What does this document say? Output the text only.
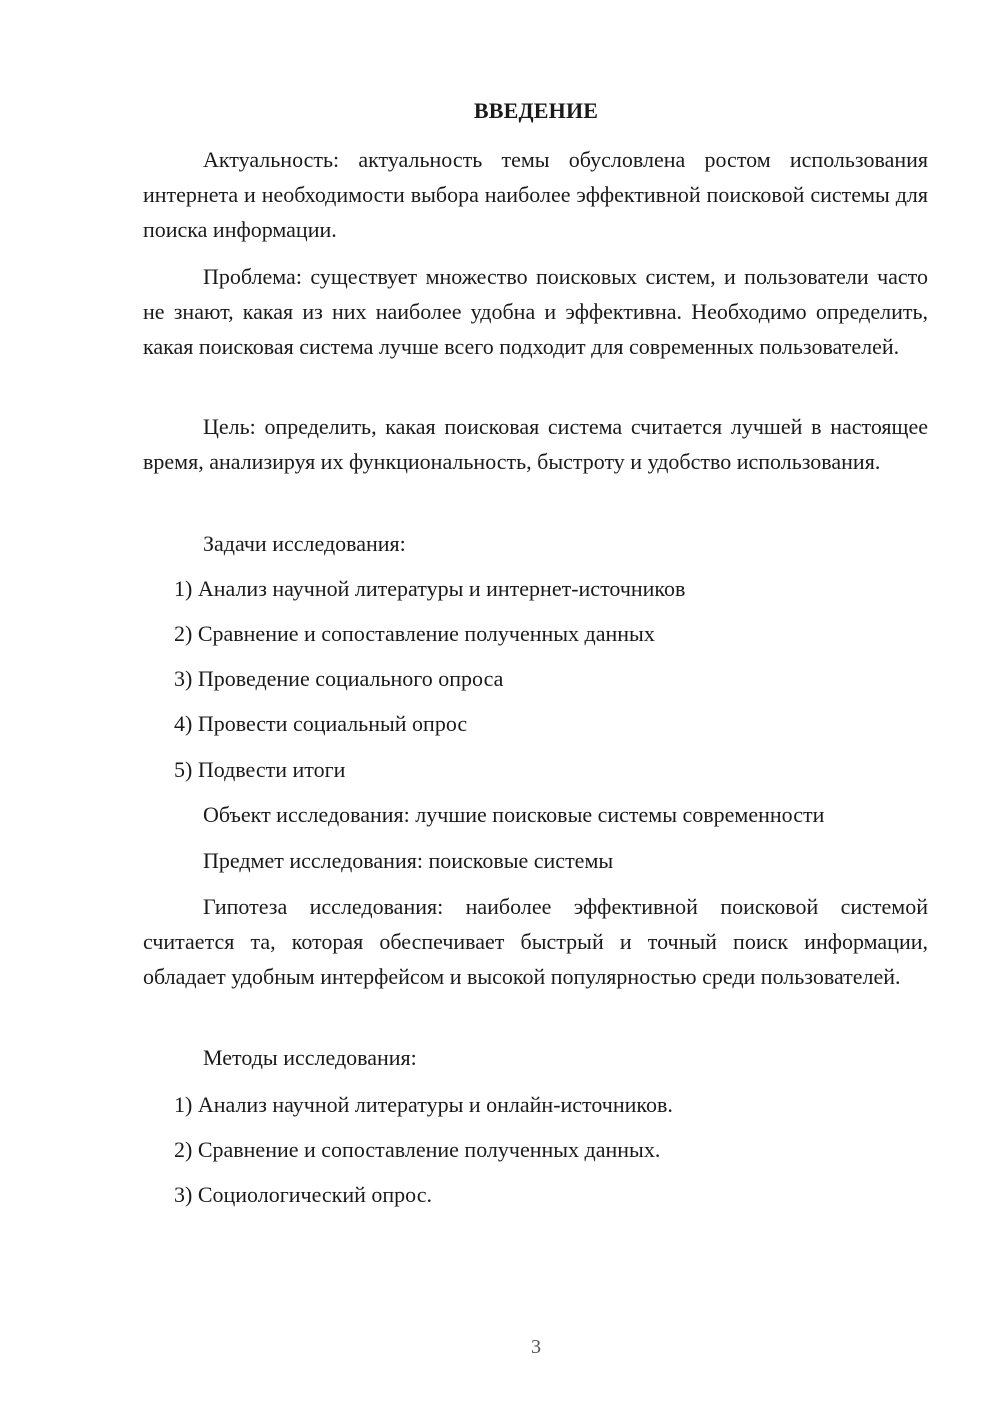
ВВЕДЕНИЕ

Актуальность: актуальность темы обусловлена ростом использования интернета и необходимости выбора наиболее эффективной поисковой системы для поиска информации.

Проблема: существует множество поисковых систем, и пользователи часто не знают, какая из них наиболее удобна и эффективна. Необходимо определить, какая поисковая система лучше всего подходит для современных пользователей.

Цель: определить, какая поисковая система считается лучшей в настоящее время, анализируя их функциональность, быстроту и удобство использования.

Задачи исследования:

1) Анализ научной литературы и интернет-источников

2) Сравнение и сопоставление полученных данных

3) Проведение социального опроса

4) Провести социальный опрос

5) Подвести итоги

Объект исследования: лучшие поисковые системы современности

Предмет исследования: поисковые системы

Гипотеза исследования: наиболее эффективной поисковой системой считается та, которая обеспечивает быстрый и точный поиск информации, обладает удобным интерфейсом и высокой популярностью среди пользователей.

Методы исследования:

1) Анализ научной литературы и онлайн-источников.

2) Сравнение и сопоставление полученных данных.

3) Социологический опрос.

3
